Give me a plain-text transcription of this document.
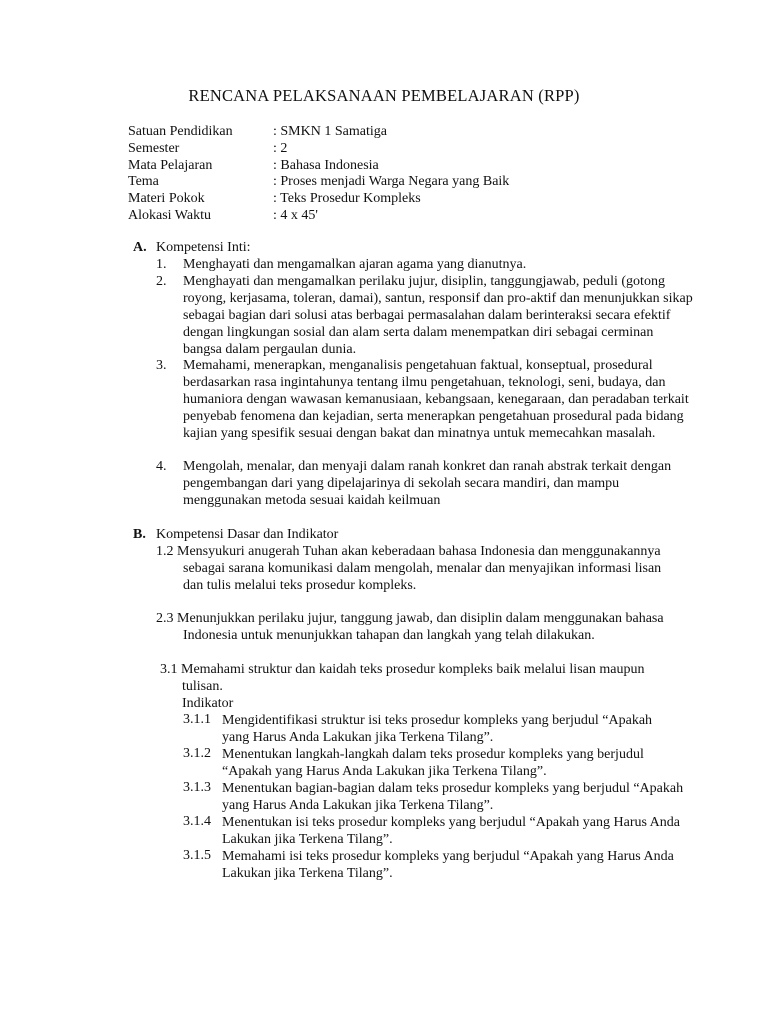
RENCANA PELAKSANAAN PEMBELAJARAN (RPP)
Satuan Pendidikan	: SMKN 1 Samatiga
Semester	: 2
Mata Pelajaran	: Bahasa Indonesia
Tema	: Proses menjadi Warga Negara yang Baik
Materi Pokok	: Teks Prosedur Kompleks
Alokasi Waktu	: 4 x 45'
A. Kompetensi Inti:
1. Menghayati dan mengamalkan ajaran agama yang dianutnya.
2. Menghayati dan mengamalkan perilaku jujur, disiplin, tanggungjawab, peduli (gotong royong, kerjasama, toleran, damai), santun, responsif dan pro-aktif dan menunjukkan sikap sebagai bagian dari solusi atas berbagai permasalahan dalam berinteraksi secara efektif dengan lingkungan sosial dan alam serta dalam menempatkan diri sebagai cerminan bangsa dalam pergaulan dunia.
3. Memahami, menerapkan, menganalisis pengetahuan faktual, konseptual, prosedural berdasarkan rasa ingintahunya tentang ilmu pengetahuan, teknologi, seni, budaya, dan humaniora dengan wawasan kemanusiaan, kebangsaan, kenegaraan, dan peradaban terkait penyebab fenomena dan kejadian, serta menerapkan pengetahuan prosedural pada bidang kajian yang spesifik sesuai dengan bakat dan minatnya untuk memecahkan masalah.
4. Mengolah, menalar, dan menyaji dalam ranah konkret dan ranah abstrak terkait dengan pengembangan dari yang dipelajarinya di sekolah secara mandiri, dan mampu menggunakan metoda sesuai kaidah keilmuan
B. Kompetensi Dasar dan Indikator
1.2 Mensyukuri anugerah Tuhan akan keberadaan bahasa Indonesia dan menggunakannya sebagai sarana komunikasi dalam mengolah, menalar dan menyajikan informasi lisan dan tulis melalui teks prosedur kompleks.
2.3 Menunjukkan perilaku jujur, tanggung jawab, dan disiplin dalam menggunakan bahasa Indonesia untuk menunjukkan tahapan dan langkah yang telah dilakukan.
3.1 Memahami struktur dan kaidah teks prosedur kompleks baik melalui lisan maupun tulisan.
Indikator
3.1.1 Mengidentifikasi struktur isi teks prosedur kompleks yang berjudul “Apakah yang Harus Anda Lakukan jika Terkena Tilang”.
3.1.2 Menentukan langkah-langkah dalam teks prosedur kompleks yang berjudul “Apakah yang Harus Anda Lakukan jika Terkena Tilang”.
3.1.3 Menentukan bagian-bagian dalam teks prosedur kompleks yang berjudul “Apakah yang Harus Anda Lakukan jika Terkena Tilang”.
3.1.4 Menentukan isi teks prosedur kompleks yang berjudul “Apakah yang Harus Anda Lakukan jika Terkena Tilang”.
3.1.5 Memahami isi teks prosedur kompleks yang berjudul “Apakah yang Harus Anda Lakukan jika Terkena Tilang”.
